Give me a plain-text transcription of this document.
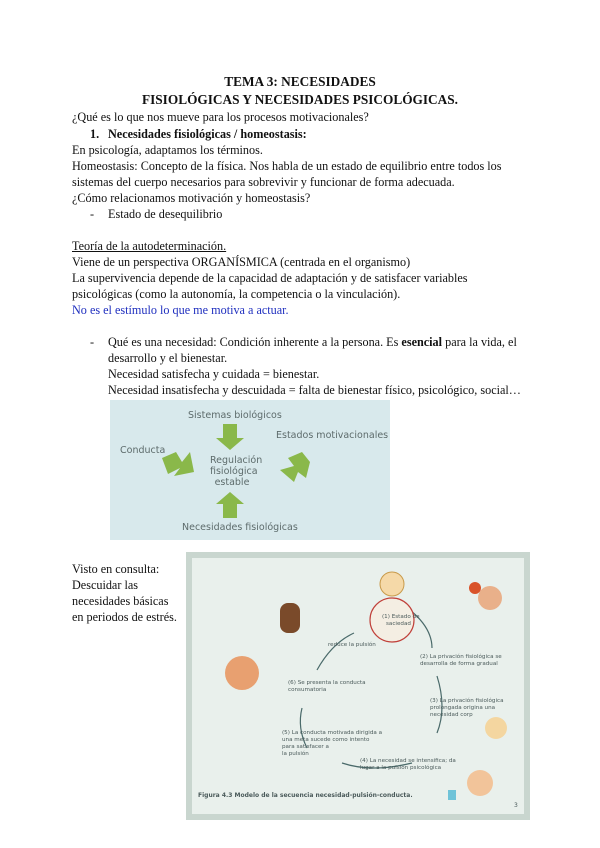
TEMA 3: NECESIDADES
FISIOLÓGICAS Y NECESIDADES PSICOLÓGICAS.
¿Qué es lo que nos mueve para los procesos motivacionales?
1. Necesidades fisiológicas / homeostasis:
En psicología, adaptamos los términos.
Homeostasis: Concepto de la física. Nos habla de un estado de equilibrio entre todos los
sistemas del cuerpo necesarios para sobrevivir y funcionar de forma adecuada.
¿Cómo relacionamos motivación y homeostasis?
- Estado de desequilibrio
Teoría de la autodeterminación.
Viene de un perspectiva ORGANÍSMICA (centrada en el organismo)
La supervivencia depende de la capacidad de adaptación y de satisfacer variables
psicológicas (como la autonomía, la competencia o la vinculación).
No es el estímulo lo que me motiva a actuar.
- Qué es una necesidad: Condición inherente a la persona. Es esencial para la vida, el
desarrollo y el bienestar.
Necesidad satisfecha y cuidada = bienestar.
Necesidad insatisfecha y descuidada = falta de bienestar físico, psicológico, social…
Sistemas biológicos
Estados motivacionales
Conducta
Necesidades fisiológicas
Regulación
fisiológica
estable
Visto en consulta:
Descuidar las
necesidades básicas
en periodos de estrés.	(1) Estado de
saciedad
(2) La privación fisiológica se
desarrolla de forma gradual
(3) La privación fisiológica
prolongada origina una
necesidad corp
(4) La necesidad se intensifica; da
lugar a la pulsión psicológica
(5) La conducta motivada dirigida a
una meta sucede como intento
para satisfacer a
la pulsión
(6) Se presenta la conducta
consumatoria
reduce la pulsión
Figura 4.3 Modelo de la secuencia necesidad-pulsión-conducta.
3
